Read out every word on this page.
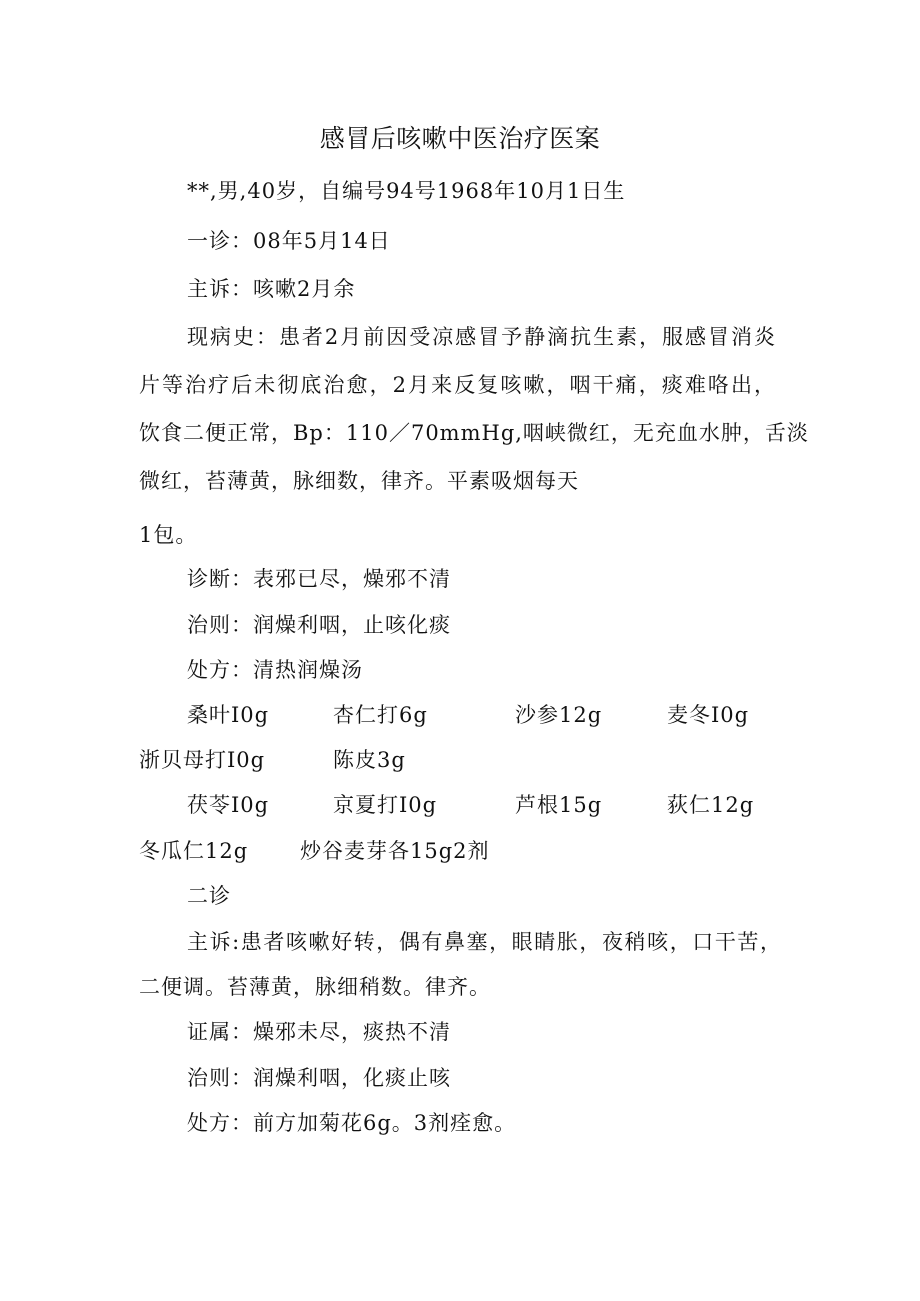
感冒后咳嗽中医治疗医案
**,男,40岁，自编号94号1968年10月1日生
一诊：08年5月14日
主诉：咳嗽2月余
现病史：患者2月前因受凉感冒予静滴抗生素，服感冒消炎
片等治疗后未彻底治愈，2月来反复咳嗽，咽干痛，痰难咯出，
饮食二便正常，Bp：110／70mmHg,咽峡微红，无充血水肿，舌淡
微红，苔薄黄，脉细数，律齐。平素吸烟每天
1包。
诊断：表邪已尽，燥邪不清
治则：润燥利咽，止咳化痰
处方：清热润燥汤
桑叶I0g	杏仁打6g	沙参12g	麦冬I0g
浙贝母打I0g	陈皮3g
茯苓I0g	京夏打I0g	芦根15g	荻仁12g
冬瓜仁12g 炒谷麦芽各15g2剂
二诊
主诉:患者咳嗽好转，偶有鼻塞，眼睛胀，夜稍咳，口干苦，
二便调。苔薄黄，脉细稍数。律齐。
证属：燥邪未尽，痰热不清
治则：润燥利咽，化痰止咳
处方：前方加菊花6g。3剂痊愈。
